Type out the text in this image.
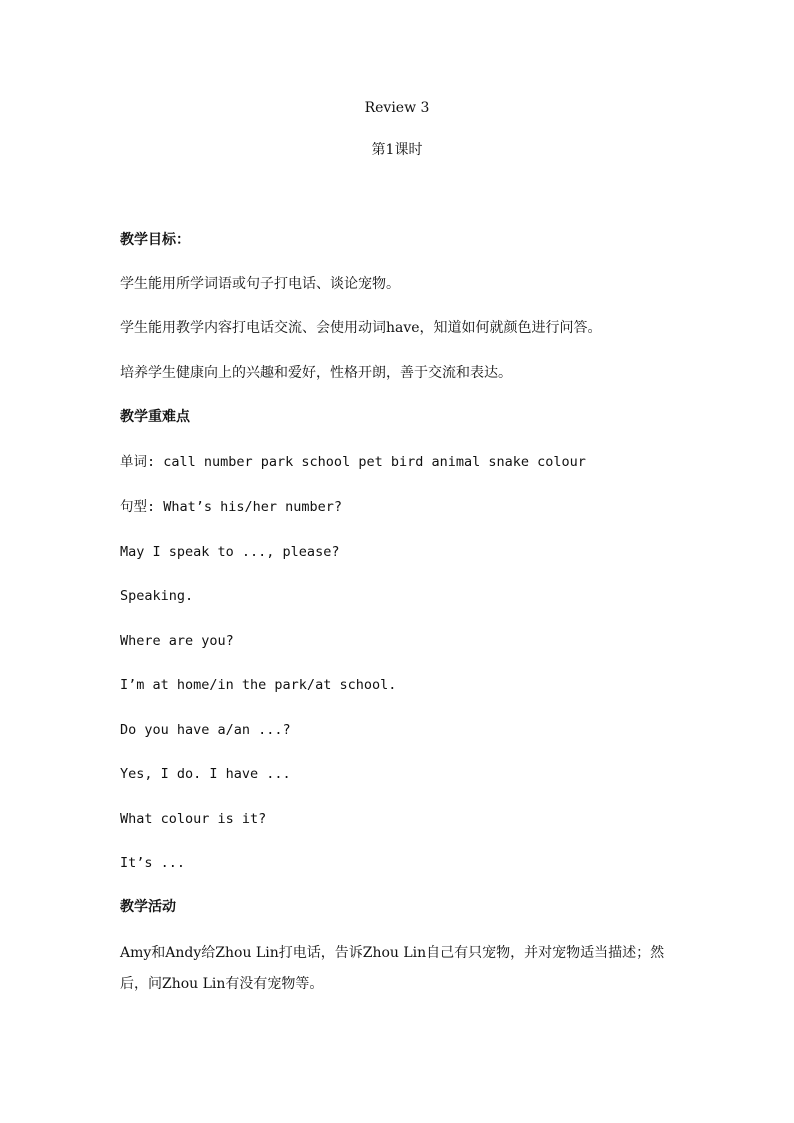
Review 3
第1课时
教学目标：
学生能用所学词语或句子打电话、谈论宠物。
学生能用教学内容打电话交流、会使用动词have，知道如何就颜色进行问答。
培养学生健康向上的兴趣和爱好，性格开朗，善于交流和表达。
教学重难点
单词: call number park school pet bird animal snake colour
句型: What’s his/her number?
May I speak to ..., please?
Speaking.
Where are you?
I’m at home/in the park/at school.
Do you have a/an ...?
Yes, I do. I have ...
What colour is it?
It’s ...
教学活动
Amy和Andy给Zhou Lin打电话，告诉Zhou Lin自己有只宠物，并对宠物适当描述；然后，问Zhou Lin有没有宠物等。
